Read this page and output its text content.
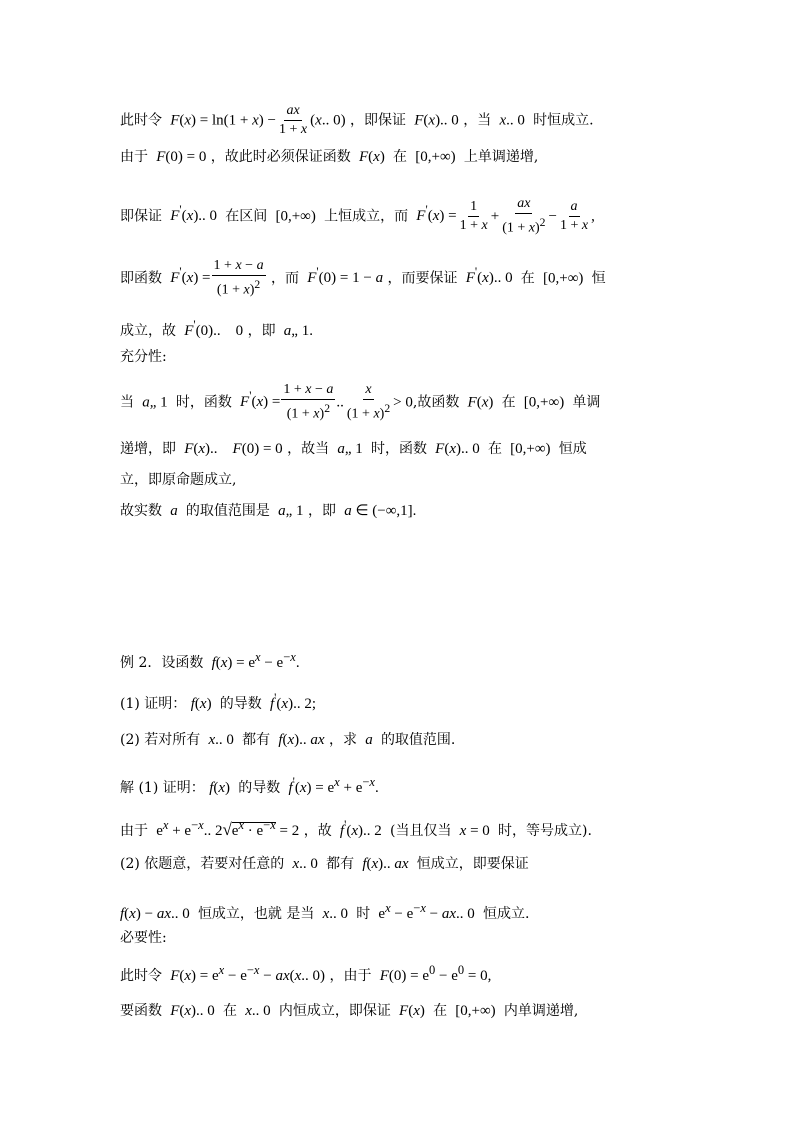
此时令 $F(x) = \ln(1 + x) - \frac{ax}{1 + x} (x$.. 0) ，即保证 F(x).. 0 ，当 x.. 0  时恒成立.
由于 F(0) = 0 ，故此时必须保证函数 F(x)  在  [0,+∞)  上单调递增,
即保证 F'(x).. 0  在区间  [0,+∞)  上恒成立，而 $F'(x) = \frac{1}{1 + x} + \frac{ax}{(1 + x)^2} - \frac{a}{1 + x}$ ,
即函数 $F'(x) = \frac{1 + x - a}{(1 + x)^2}$ ，而 F'(0) = 1 − a ，而要保证 F'(x).. 0  在  [0,+∞)  恒
成立，故 F'(0)..    0 ，即 a„ 1.
充分性:
当 a„ 1  时，函数 $F'(x) = \frac{1 + x - a}{(1 + x)^2}$ .. $\frac{x}{(1 + x)^2} > 0$,故函数 F(x)  在  [0,+∞)  单调
递增，即 F(x)..    F(0) = 0 ，故当 a„ 1  时，函数 F(x).. 0  在  [0,+∞)  恒成
立，即原命题成立,
故实数 a 的取值范围是 a„ 1 ，即 a ∈ (−∞,1].
例 2．设函数 $f(x) = e^x - e^{-x}$.
(1) 证明： f(x)  的导数 f'(x).. 2;
(2) 若对所有 x.. 0  都有 f(x).. ax ，求 a 的取值范围.
解 (1) 证明： f(x)  的导数 $f'(x) = e^x + e^{-x}$.
由于  $e^x + e^{-x}$.. $2√e^x \cdot e^{-x} = 2$ ，故 f'(x).. 2  (当且仅当 x = 0  时，等号成立).
(2) 依题意，若要对任意的 x.. 0  都有 f(x).. ax 恒成立，即要保证
f(x) − ax.. 0  恒成立，也就 是当 x.. 0  时  $e^x - e^{-x}$ − ax.. 0  恒成立.
必要性:
此时令 $F(x) = e^x - e^{-x} - ax(x$.. 0) ，由于 $F(0) = e^0 - e^0 = 0$,
要函数 F(x).. 0  在 x.. 0  内恒成立，即保证 F(x)  在  [0,+∞)  内单调递增,
